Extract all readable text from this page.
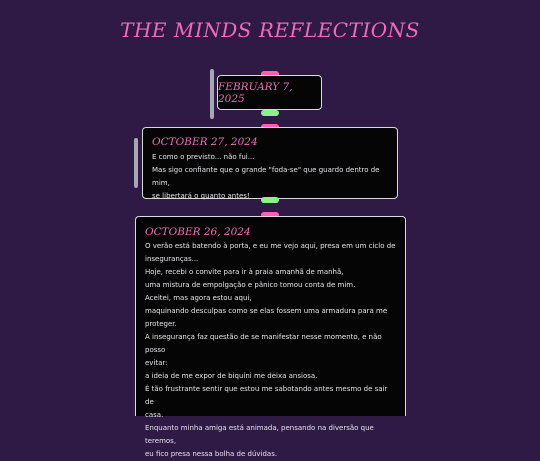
THE MINDS REFLECTIONS
FEBRUARY 7, 2025
OCTOBER 27, 2024

E como o previsto... não fui...

Mas sigo confiante que o grande "foda-se" que guardo dentro de mim,

se libertará o quanto antes!

OCTOBER 26, 2024

O verão está batendo à porta, e eu me vejo aqui, presa em um ciclo de

inseguranças...

Hoje, recebi o convite para ir à praia amanhã de manhã,

uma mistura de empolgação e pânico tomou conta de mim.

Aceitei, mas agora estou aqui,

maquinando desculpas como se elas fossem uma armadura para me

proteger.

A insegurança faz questão de se manifestar nesse momento, e não posso

evitar:

a ideia de me expor de biquíni me deixa ansiosa.

É tão frustrante sentir que estou me sabotando antes mesmo de sair de

casa.

Enquanto minha amiga está animada, pensando na diversão que teremos,

eu fico presa nessa bolha de dúvidas.
